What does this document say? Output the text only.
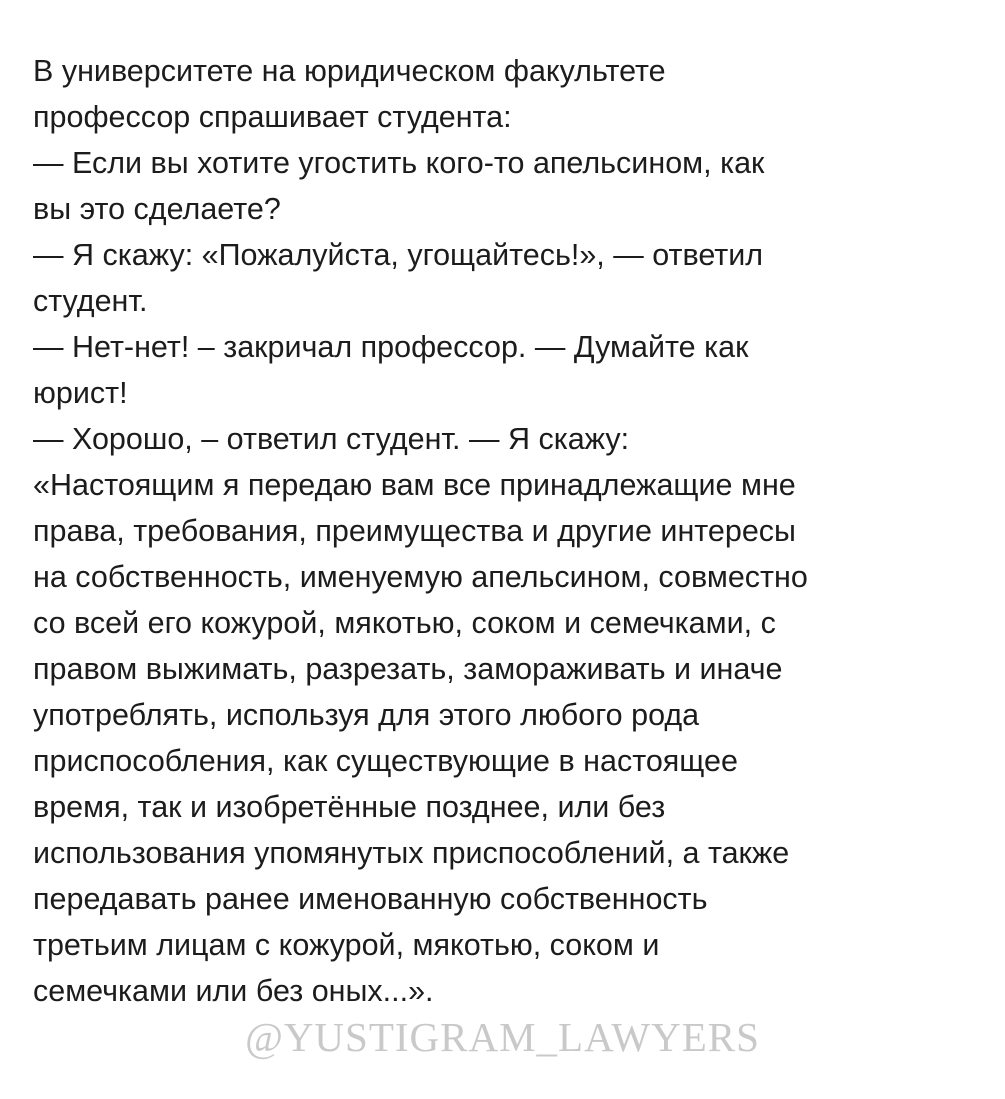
В университете на юридическом факультете
профессор спрашивает студента:
— Если вы хотите угостить кого-то апельсином, как
вы это сделаете?
— Я скажу: «Пожалуйста, угощайтесь!», — ответил
студент.
— Нет-нет! – закричал профессор. — Думайте как
юрист!
— Хорошо, – ответил студент. — Я скажу:
«Настоящим я передаю вам все принадлежащие мне
права, требования, преимущества и другие интересы
на собственность, именуемую апельсином, совместно
со всей его кожурой, мякотью, соком и семечками, с
правом выжимать, разрезать, замораживать и иначе
употреблять, используя для этого любого рода
приспособления, как существующие в настоящее
время, так и изобретённые позднее, или без
использования упомянутых приспособлений, а также
передавать ранее именованную собственность
третьим лицам с кожурой, мякотью, соком и
семечками или без оных...».
@YUSTIGRAM_LAWYERS
